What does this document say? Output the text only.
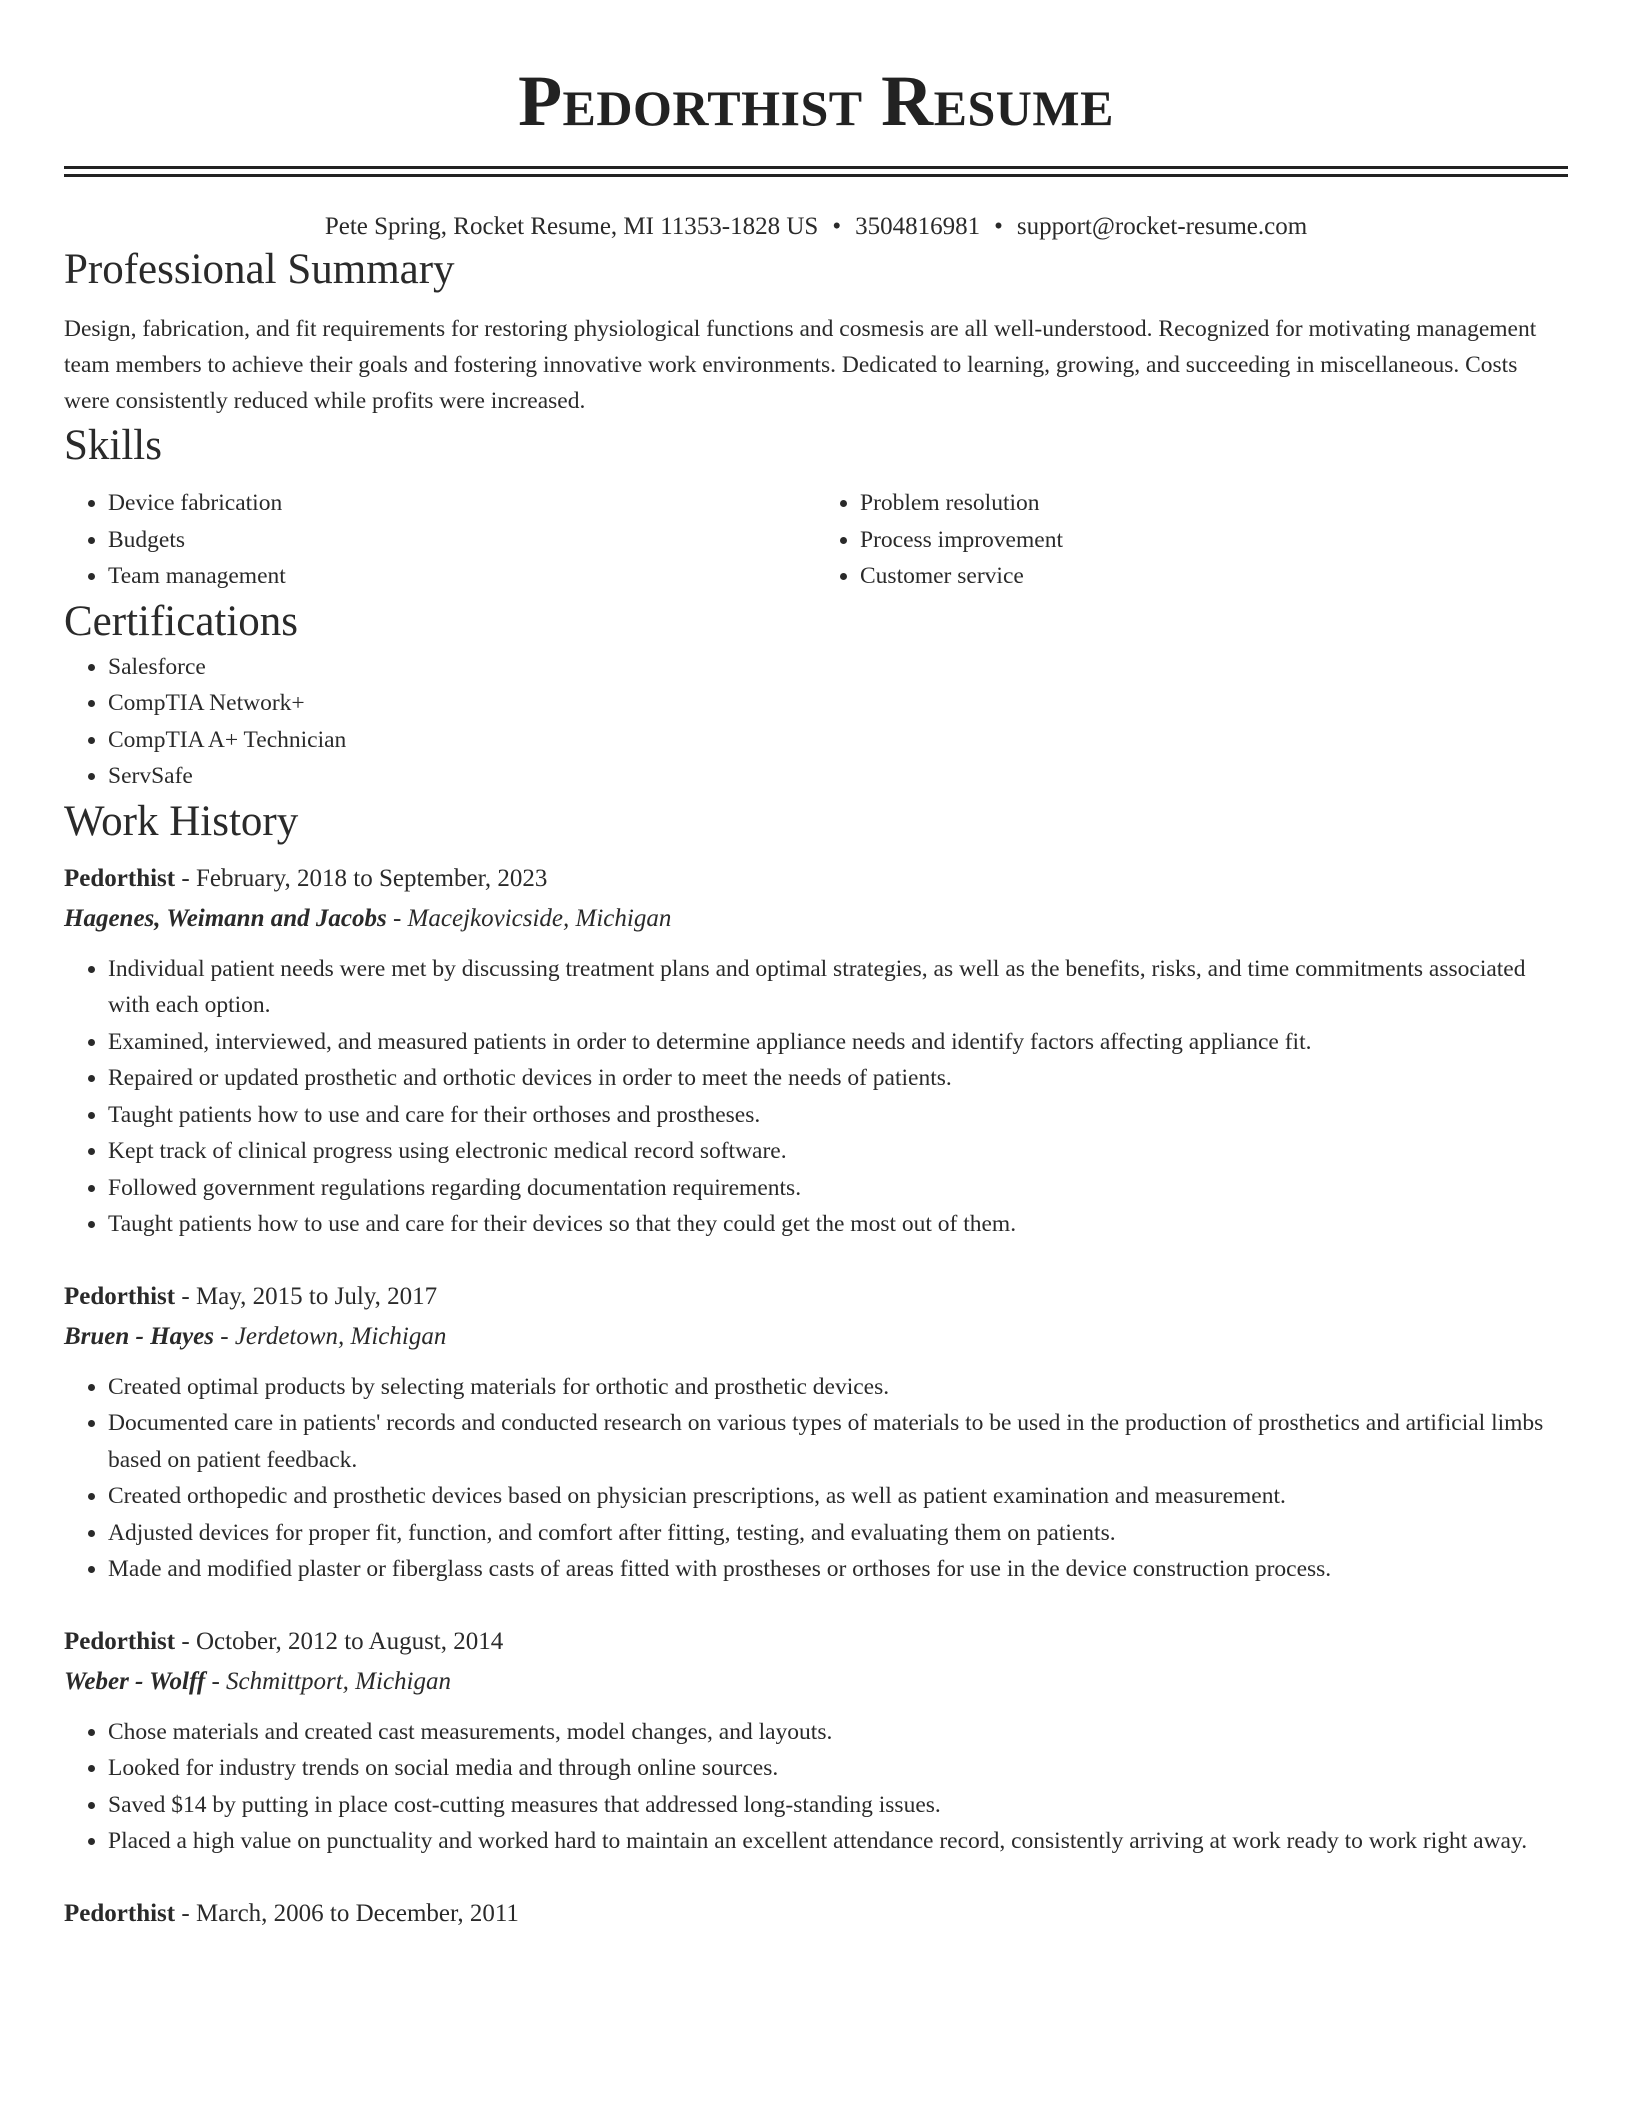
Pedorthist Resume
Pete Spring, Rocket Resume, MI 11353-1828 US • 3504816981 • support@rocket-resume.com
Professional Summary

Design, fabrication, and fit requirements for restoring physiological functions and cosmesis are all well-understood. Recognized for motivating management team members to achieve their goals and fostering innovative work environments. Dedicated to learning, growing, and succeeding in miscellaneous. Costs were consistently reduced while profits were increased.

Skills
• Device fabrication
• Budgets
• Team management
• Problem resolution
• Process improvement
• Customer service
Certifications
• Salesforce
• CompTIA Network+
• CompTIA A+ Technician
• ServSafe
Work History
Pedorthist - February, 2018 to September, 2023
Hagenes, Weimann and Jacobs - Macejkovicside, Michigan
• Individual patient needs were met by discussing treatment plans and optimal strategies, as well as the benefits, risks, and time commitments associated with each option.
• Examined, interviewed, and measured patients in order to determine appliance needs and identify factors affecting appliance fit.
• Repaired or updated prosthetic and orthotic devices in order to meet the needs of patients.
• Taught patients how to use and care for their orthoses and prostheses.
• Kept track of clinical progress using electronic medical record software.
• Followed government regulations regarding documentation requirements.
• Taught patients how to use and care for their devices so that they could get the most out of them.
Pedorthist - May, 2015 to July, 2017
Bruen - Hayes - Jerdetown, Michigan
• Created optimal products by selecting materials for orthotic and prosthetic devices.
• Documented care in patients' records and conducted research on various types of materials to be used in the production of prosthetics and artificial limbs based on patient feedback.
• Created orthopedic and prosthetic devices based on physician prescriptions, as well as patient examination and measurement.
• Adjusted devices for proper fit, function, and comfort after fitting, testing, and evaluating them on patients.
• Made and modified plaster or fiberglass casts of areas fitted with prostheses or orthoses for use in the device construction process.
Pedorthist - October, 2012 to August, 2014
Weber - Wolff - Schmittport, Michigan
• Chose materials and created cast measurements, model changes, and layouts.
• Looked for industry trends on social media and through online sources.
• Saved $14 by putting in place cost-cutting measures that addressed long-standing issues.
• Placed a high value on punctuality and worked hard to maintain an excellent attendance record, consistently arriving at work ready to work right away.
Pedorthist - March, 2006 to December, 2011
